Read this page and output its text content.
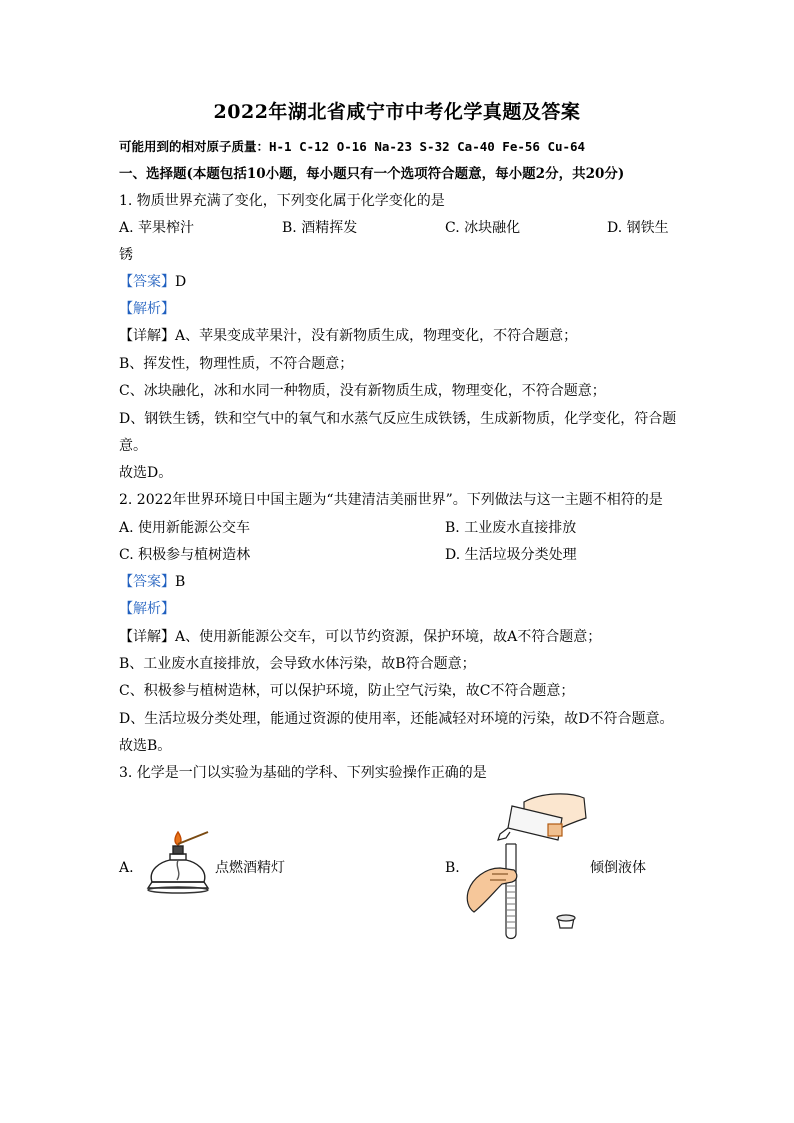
2022年湖北省咸宁市中考化学真题及答案
可能用到的相对原子质量：H-1 C-12 O-16 Na-23 S-32 Ca-40 Fe-56 Cu-64
一、选择题(本题包括10小题，每小题只有一个选项符合题意，每小题2分，共20分)
1. 物质世界充满了变化，下列变化属于化学变化的是
A. 苹果榨汁	B. 酒精挥发	C. 冰块融化	D. 钢铁生
锈
【答案】D
【解析】
【详解】A、苹果变成苹果汁，没有新物质生成，物理变化，不符合题意；
B、挥发性，物理性质，不符合题意；
C、冰块融化，冰和水同一种物质，没有新物质生成，物理变化，不符合题意；
D、钢铁生锈，铁和空气中的氧气和水蒸气反应生成铁锈，生成新物质，化学变化，符合题
意。
故选D。
2. 2022年世界环境日中国主题为“共建清洁美丽世界”。下列做法与这一主题不相符的是
A. 使用新能源公交车	B. 工业废水直接排放
C. 积极参与植树造林	D. 生活垃圾分类处理
【答案】B
【解析】
【详解】A、使用新能源公交车，可以节约资源，保护环境，故A不符合题意；
B、工业废水直接排放，会导致水体污染，故B符合题意；
C、积极参与植树造林，可以保护环境，防止空气污染，故C不符合题意；
D、生活垃圾分类处理，能通过资源的使用率，还能减轻对环境的污染，故D不符合题意。
故选B。
3. 化学是一门以实验为基础的学科、下列实验操作正确的是
A.	点燃酒精灯	B.	倾倒液体
